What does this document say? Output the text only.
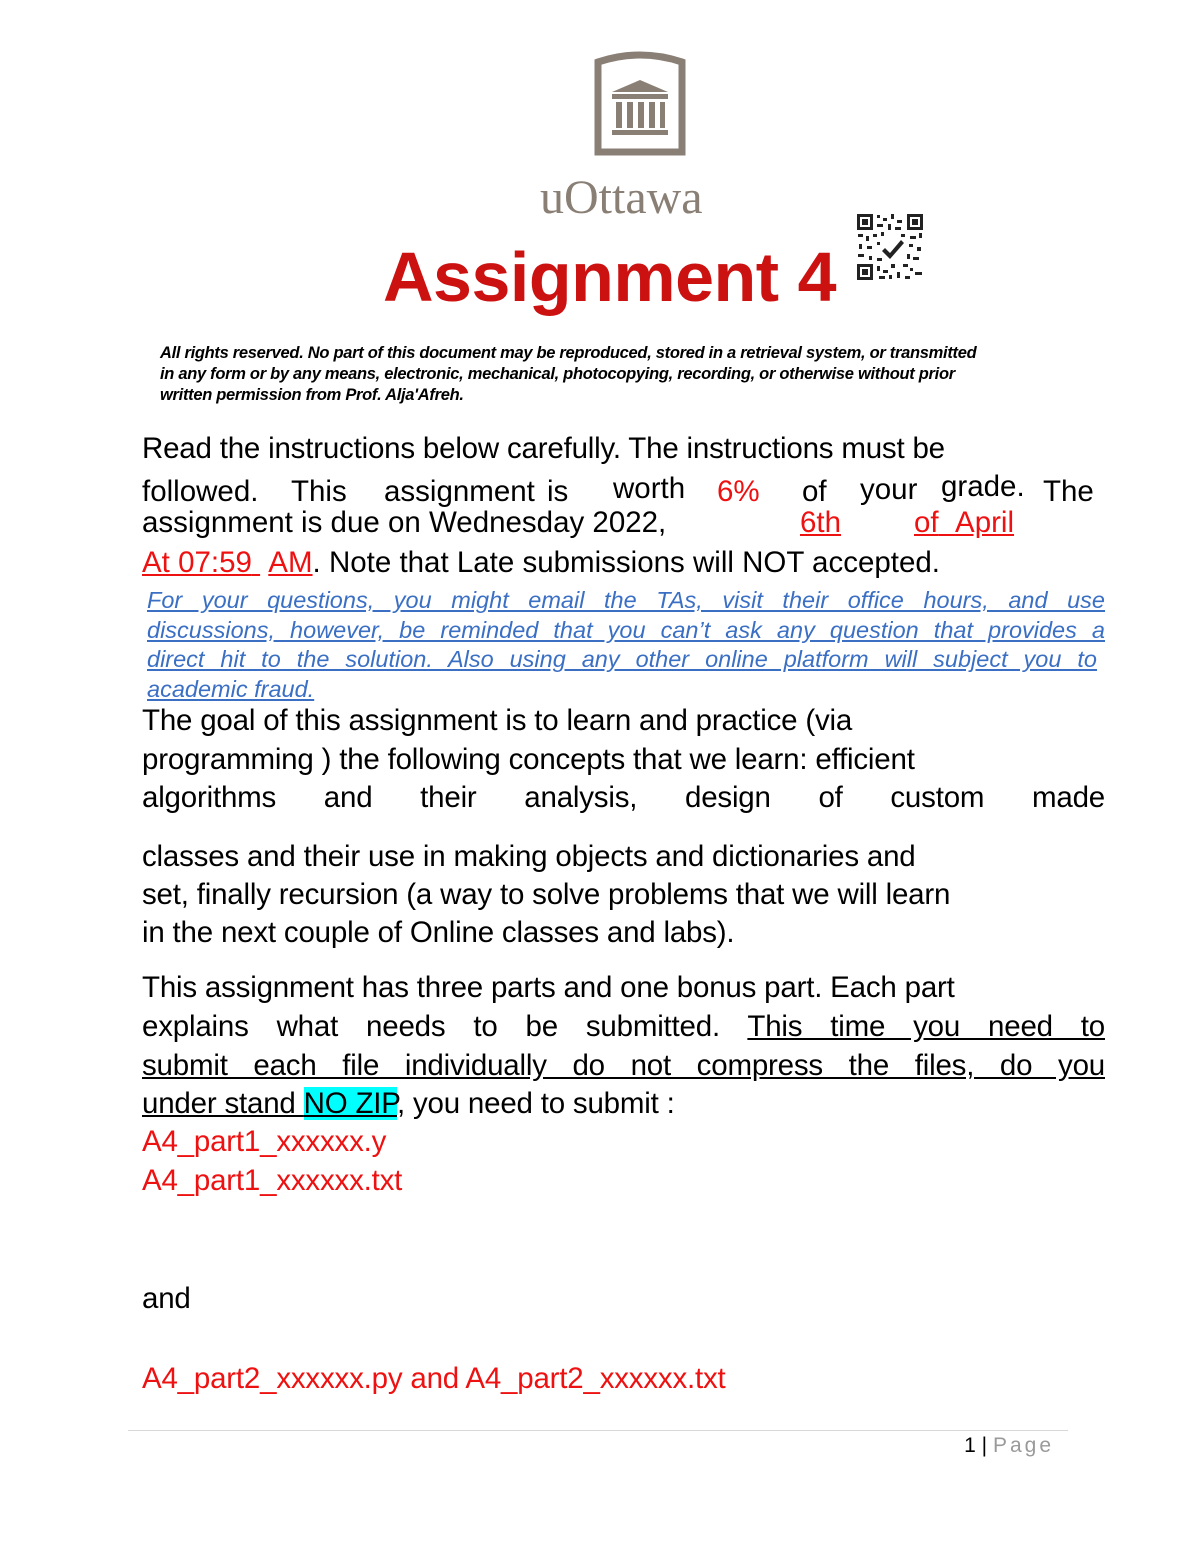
uOttawa
Assignment 4
All rights reserved. No part of this document may be reproduced, stored in a retrieval system, or transmitted
in any form or by any means, electronic, mechanical, photocopying, recording, or otherwise without prior
written permission from Prof. Alja'Afreh.
Read the instructions below carefully. The instructions must be
followed. This assignment is worth 6% of your grade. The
assignment is due on Wednesday 2022,	6th	of April
At 07:59 AM. Note that Late submissions will NOT accepted.
For your questions, you might email the TAs, visit their office hours, and use
discussions, however, be reminded that you can’t ask any question that provides a
direct hit to the solution. Also using any other online platform will subject you to
academic fraud.
The goal of this assignment is to learn and practice (via
programming ) the following concepts that we learn: efficient
algorithms and their analysis, design of custom made
classes and their use in making objects and dictionaries and
set, finally recursion (a way to solve problems that we will learn
in the next couple of Online classes and labs).
This assignment has three parts and one bonus part. Each part
explains what needs to be submitted. This time you need to
submit each file individually do not compress the files, do you
under stand NO ZIP, you need to submit :
A4_part1_xxxxxx.y
A4_part1_xxxxxx.txt
and
A4_part2_xxxxxx.py and A4_part2_xxxxxx.txt
1 | Page
